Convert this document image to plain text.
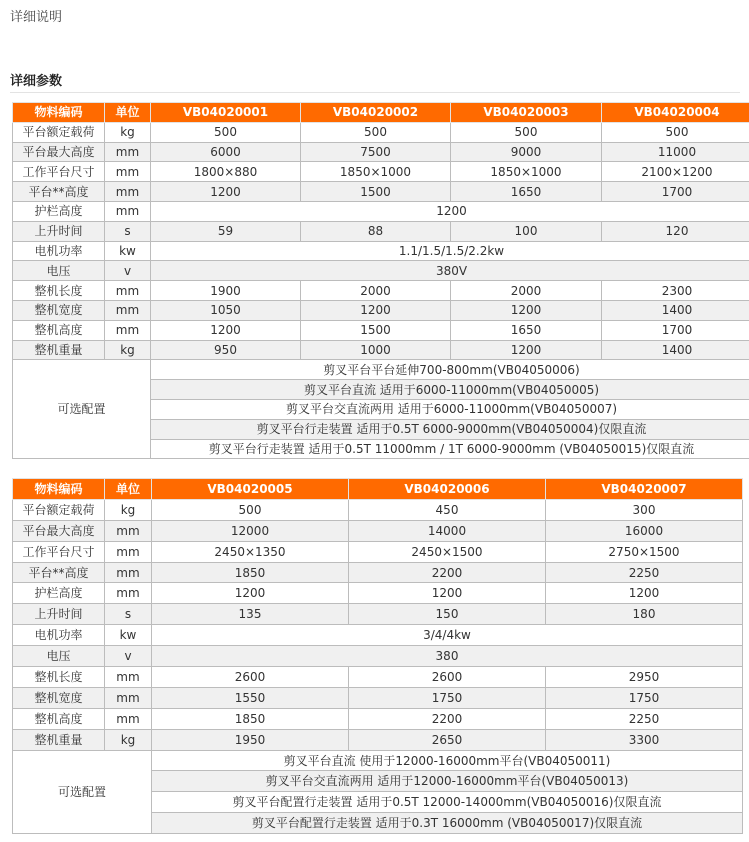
详细说明
详细参数
物料编码	单位	VB04020001	VB04020002	VB04020003	VB04020004
平台额定载荷	kg	500	500	500	500
平台最大高度	mm	6000	7500	9000	11000
工作平台尺寸	mm	1800×880	1850×1000	1850×1000	2100×1200
平台**高度	mm	1200	1500	1650	1700
护栏高度	mm	1200			
上升时间	s	59	88	100	120
电机功率	kw	1.1/1.5/1.5/2.2kw			
电压	v	380V			
整机长度	mm	1900	2000	2000	2300
整机宽度	mm	1050	1200	1200	1400
整机高度	mm	1200	1500	1650	1700
整机重量	kg	950	1000	1200	1400
可选配置		剪叉平台平台延伸700-800mm(VB04050006)			
		剪叉平台直流 适用于6000-11000mm(VB04050005)			
		剪叉平台交直流两用 适用于6000-11000mm(VB04050007)			
		剪叉平台行走装置 适用于0.5T 6000-9000mm(VB04050004)仅限直流			
		剪叉平台行走装置 适用于0.5T 11000mm / 1T 6000-9000mm (VB04050015)仅限直流			
物料编码	单位	VB04020005	VB04020006	VB04020007
平台额定载荷	kg	500	450	300
平台最大高度	mm	12000	14000	16000
工作平台尺寸	mm	2450×1350	2450×1500	2750×1500
平台**高度	mm	1850	2200	2250
护栏高度	mm	1200	1200	1200
上升时间	s	135	150	180
电机功率	kw	3/4/4kw		
电压	v	380		
整机长度	mm	2600	2600	2950
整机宽度	mm	1550	1750	1750
整机高度	mm	1850	2200	2250
整机重量	kg	1950	2650	3300
可选配置		剪叉平台直流 使用于12000-16000mm平台(VB04050011)		
		剪叉平台交直流两用 适用于12000-16000mm平台(VB04050013)		
		剪叉平台配置行走装置 适用于0.5T 12000-14000mm(VB04050016)仅限直流		
		剪叉平台配置行走装置 适用于0.3T 16000mm (VB04050017)仅限直流		
